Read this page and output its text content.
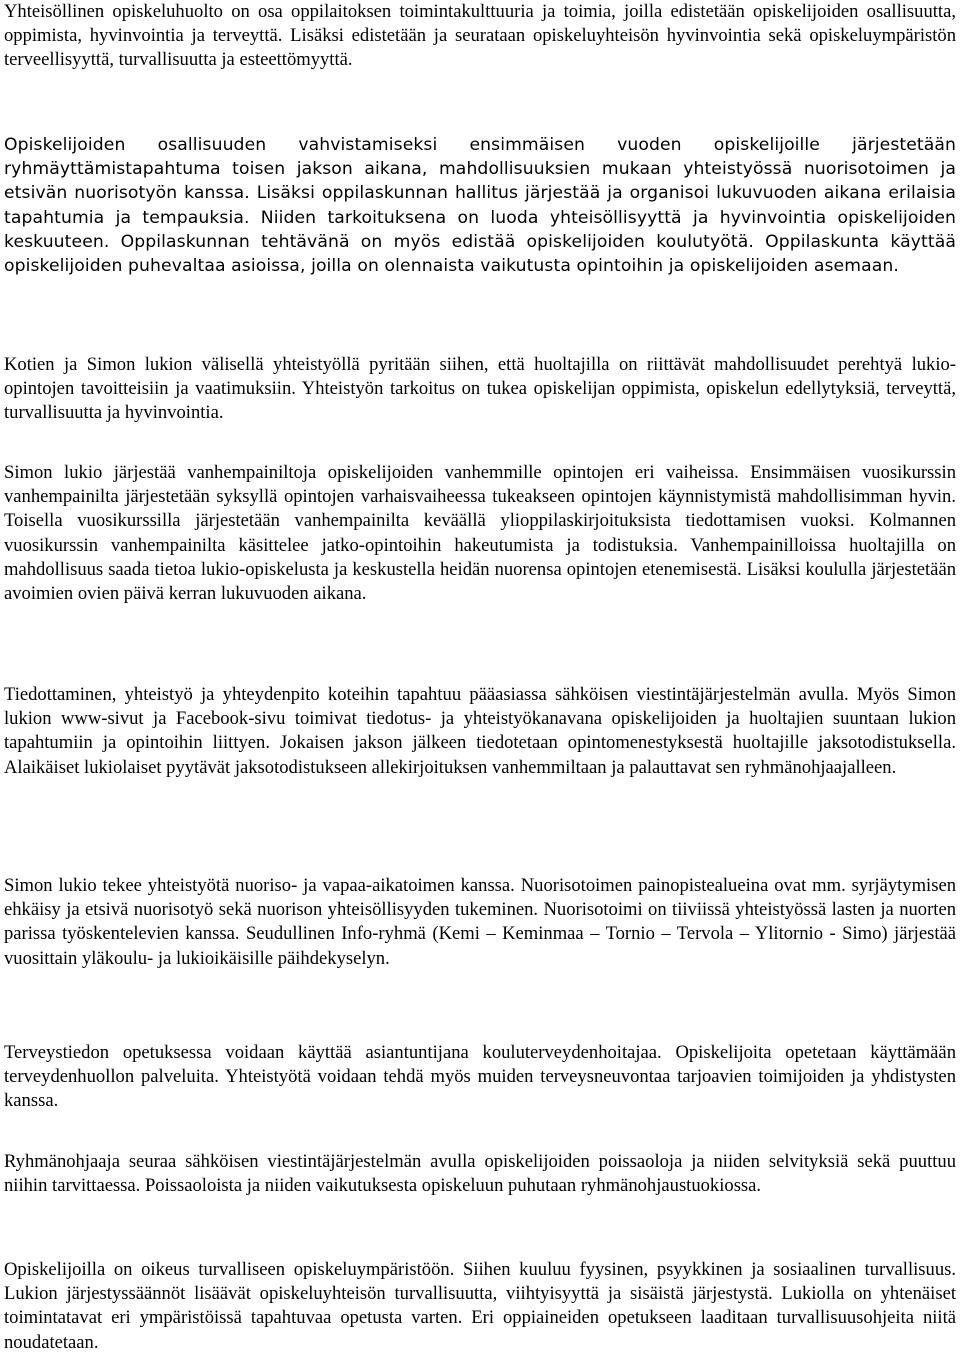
Yhteisöllinen opiskeluhuolto on osa oppilaitoksen toimintakulttuuria ja toimia, joilla edistetään opiskelijoiden osallisuutta, oppimista, hyvinvointia ja terveyttä. Lisäksi edistetään ja seurataan opiskeluyhteisön hyvinvointia sekä opiskeluympäristön terveellisyyttä, turvallisuutta ja esteettömyyttä.

Opiskelijoiden osallisuuden vahvistamiseksi ensimmäisen vuoden opiskelijoille järjestetään ryhmäyttämistapahtuma toisen jakson aikana, mahdollisuuksien mukaan yhteistyössä nuorisotoimen ja etsivän nuorisotyön kanssa. Lisäksi oppilaskunnan hallitus järjestää ja organisoi lukuvuoden aikana erilaisia tapahtumia ja tempauksia. Niiden tarkoituksena on luoda yhteisöllisyyttä ja hyvinvointia opiskelijoiden keskuuteen. Oppilaskunnan tehtävänä on myös edistää opiskelijoiden koulutyötä. Oppilaskunta käyttää opiskelijoiden puhevaltaa asioissa, joilla on olennaista vaikutusta opintoihin ja opiskelijoiden asemaan.

Kotien ja Simon lukion välisellä yhteistyöllä pyritään siihen, että huoltajilla on riittävät mahdollisuudet perehtyä lukio-opintojen tavoitteisiin ja vaatimuksiin. Yhteistyön tarkoitus on tukea opiskelijan oppimista, opiskelun edellytyksiä, terveyttä, turvallisuutta ja hyvinvointia.

Simon lukio järjestää vanhempainiltoja opiskelijoiden vanhemmille opintojen eri vaiheissa. Ensimmäisen vuosikurssin vanhempainilta järjestetään syksyllä opintojen varhaisvaiheessa tukeakseen opintojen käynnistymistä mahdollisimman hyvin. Toisella vuosikurssilla järjestetään vanhempainilta keväällä ylioppilaskirjoituksista tiedottamisen vuoksi. Kolmannen vuosikurssin vanhempainilta käsittelee jatko-opintoihin hakeutumista ja todistuksia. Vanhempainilloissa huoltajilla on mahdollisuus saada tietoa lukio-opiskelusta ja keskustella heidän nuorensa opintojen etenemisestä. Lisäksi koululla järjestetään avoimien ovien päivä kerran lukuvuoden aikana.

Tiedottaminen, yhteistyö ja yhteydenpito koteihin tapahtuu pääasiassa sähköisen viestintäjärjestelmän avulla. Myös Simon lukion www-sivut ja Facebook-sivu toimivat tiedotus- ja yhteistyökanavana opiskelijoiden ja huoltajien suuntaan lukion tapahtumiin ja opintoihin liittyen. Jokaisen jakson jälkeen tiedotetaan opintomenestyksestä huoltajille jaksotodistuksella. Alaikäiset lukiolaiset pyytävät jaksotodistukseen allekirjoituksen vanhemmiltaan ja palauttavat sen ryhmänohjaajalleen.

Simon lukio tekee yhteistyötä nuoriso- ja vapaa-aikatoimen kanssa. Nuorisotoimen painopistealueina ovat mm. syrjäytymisen ehkäisy ja etsivä nuorisotyö sekä nuorison yhteisöllisyyden tukeminen. Nuorisotoimi on tiiviissä yhteistyössä lasten ja nuorten parissa työskentelevien kanssa. Seudullinen Info-ryhmä (Kemi – Keminmaa – Tornio – Tervola – Ylitornio - Simo) järjestää vuosittain yläkoulu- ja lukioikäisille päihdekyselyn.

Terveystiedon opetuksessa voidaan käyttää asiantuntijana kouluterveydenhoitajaa. Opiskelijoita opetetaan käyttämään terveydenhuollon palveluita. Yhteistyötä voidaan tehdä myös muiden terveysneuvontaa tarjoavien toimijoiden ja yhdistysten kanssa.

Ryhmänohjaaja seuraa sähköisen viestintäjärjestelmän avulla opiskelijoiden poissaoloja ja niiden selvityksiä sekä puuttuu niihin tarvittaessa. Poissaoloista ja niiden vaikutuksesta opiskeluun puhutaan ryhmänohjaustuokiossa.

Opiskelijoilla on oikeus turvalliseen opiskeluympäristöön. Siihen kuuluu fyysinen, psyykkinen ja sosiaalinen turvallisuus. Lukion järjestyssäännöt lisäävät opiskeluyhteisön turvallisuutta, viihtyisyyttä ja sisäistä järjestystä. Lukiolla on yhtenäiset toimintatavat eri ympäristöissä tapahtuvaa opetusta varten. Eri oppiaineiden opetukseen laaditaan turvallisuusohjeita niitä noudatetaan.
